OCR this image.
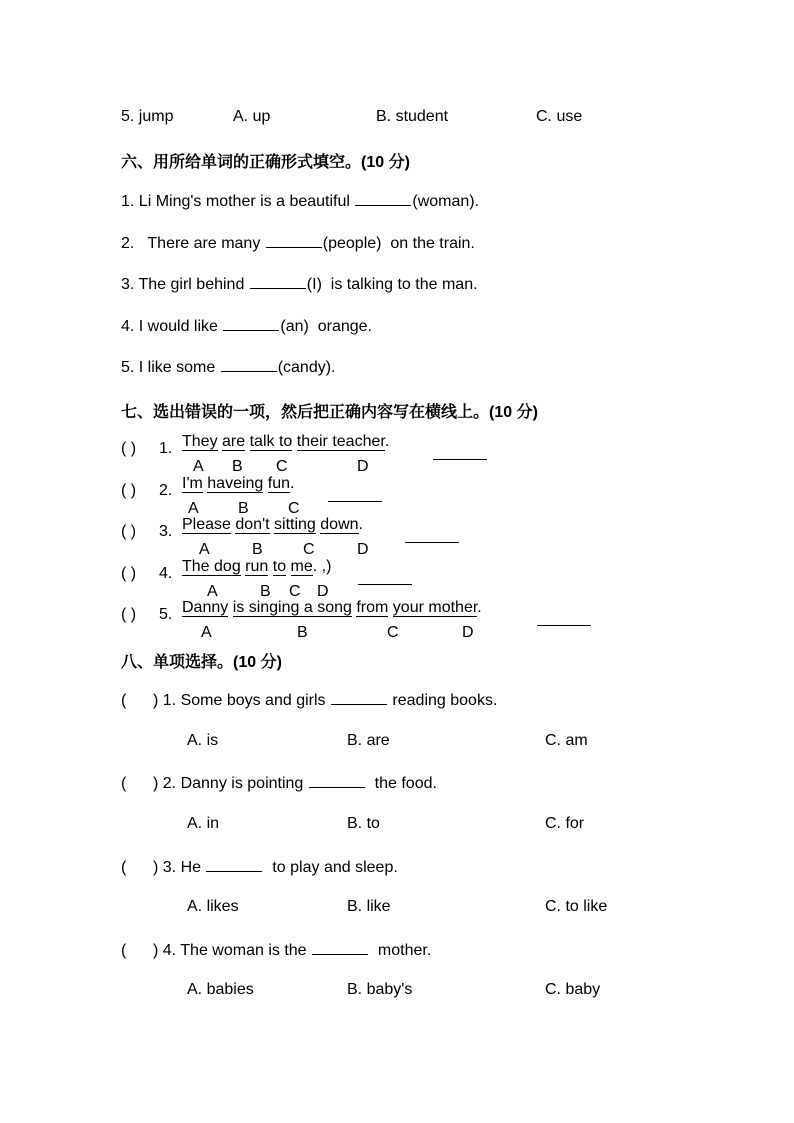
5. jump	A. up	B. student	C. use
六、用所给单词的正确形式填空。(10 分)
1. Li Ming's mother is a beautiful	(woman).
2.   There are many	(people)  on the train.
3. The girl behind	(I)  is talking to the man.
4. I would like	(an)  orange.
5. I like some	(candy).
七、选出错误的一项，然后把正确内容写在横线上。(10 分)
( ) 1. They are talk to their teacher.
A B C	D
( ) 2. I'm haveing fun.
A B C
( ) 3. Please don't sitting down.
A	B	C	D
( ) 4. The dog run to me. ,)
A	B C D
( ) 5. Danny is singing a song from your mother.
A	B	C	D
八、单项选择。(10 分)
(      ) 1. Some boys and girls	reading books.
A. is	B. are	C. am
(      ) 2. Danny is pointing	the food.
A. in	B. to	C. for
(      ) 3. He	to play and sleep.
A. likes	B. like	C. to like
(      ) 4. The woman is the	mother.
A. babies	B. baby's	C. baby
